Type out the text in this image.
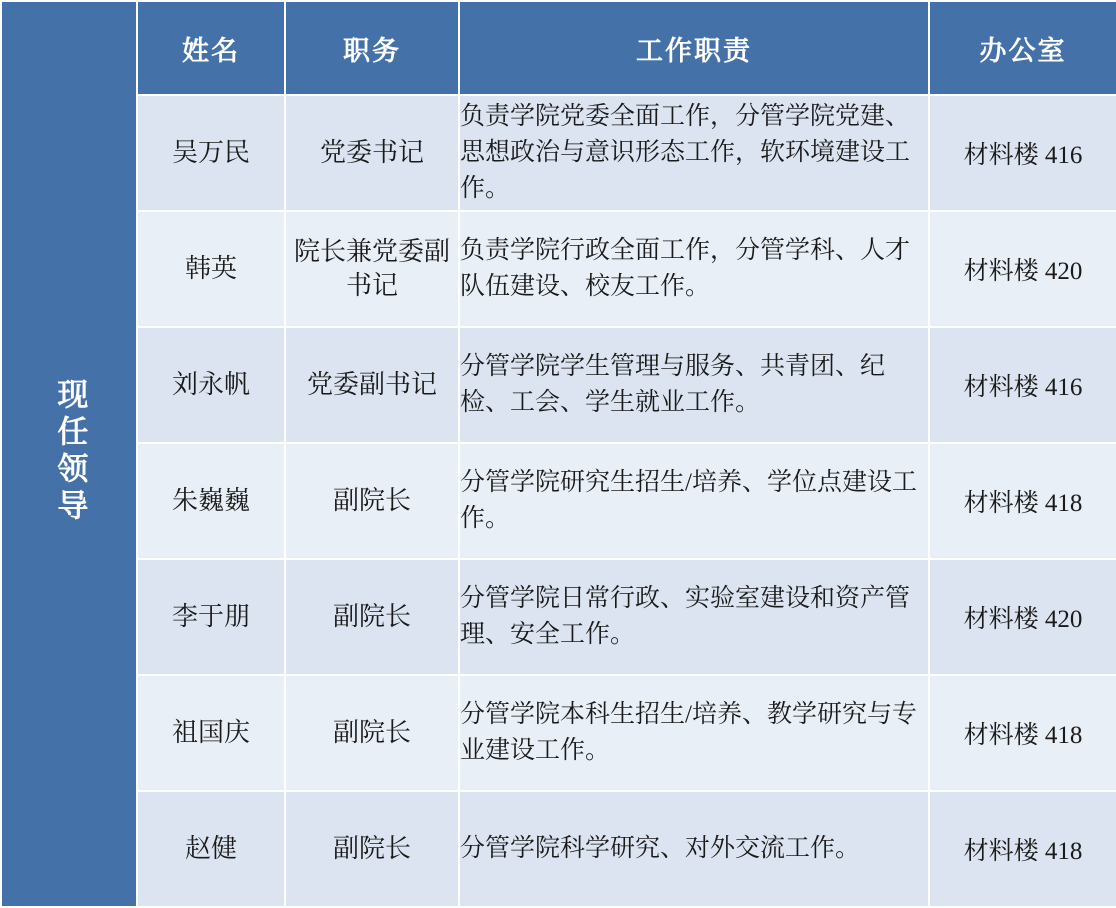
现任领导	姓名	职务	工作职责	办公室
	吴万民	党委书记	负责学院党委全面工作，分管学院党建、思想政治与意识形态工作，软环境建设工作。	材料楼 416
	韩英	院长兼党委副书记	负责学院行政全面工作，分管学科、人才队伍建设、校友工作。	材料楼 420
	刘永帆	党委副书记	分管学院学生管理与服务、共青团、纪检、工会、学生就业工作。	材料楼 416
	朱巍巍	副院长	分管学院研究生招生/培养、学位点建设工作。	材料楼 418
	李于朋	副院长	分管学院日常行政、实验室建设和资产管理、安全工作。	材料楼 420
	祖国庆	副院长	分管学院本科生招生/培养、教学研究与专业建设工作。	材料楼 418
	赵健	副院长	分管学院科学研究、对外交流工作。	材料楼 418
